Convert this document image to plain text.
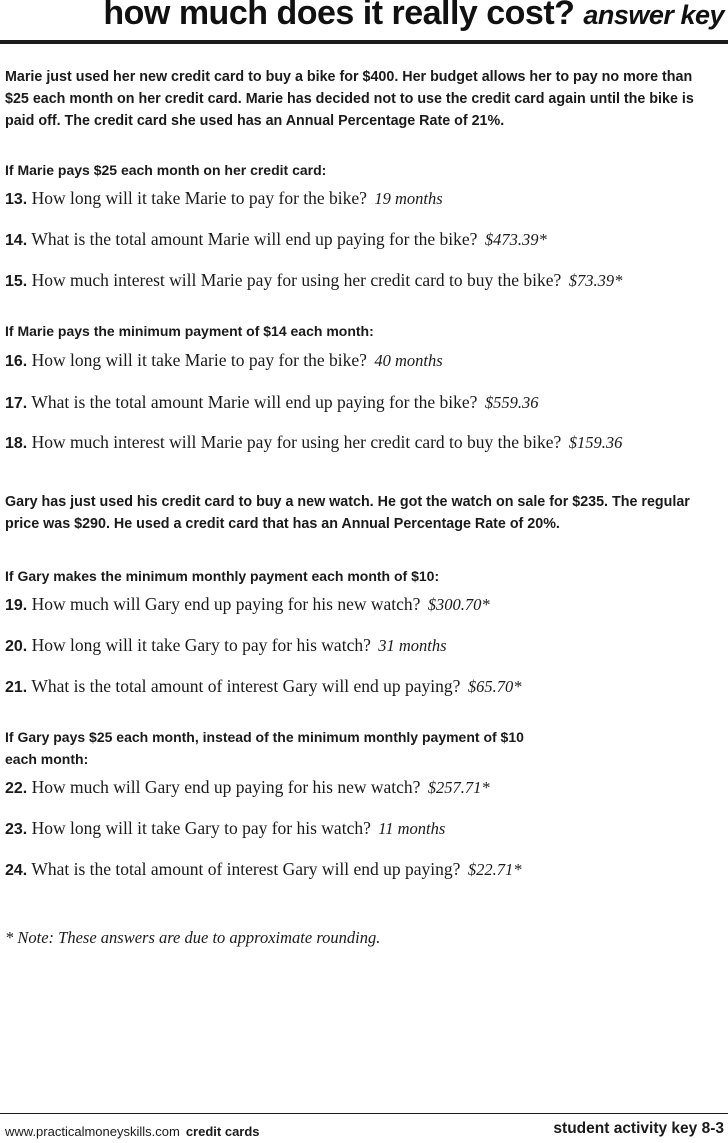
how much does it really cost? answer key
Marie just used her new credit card to buy a bike for $400. Her budget allows her to pay no more than $25 each month on her credit card. Marie has decided not to use the credit card again until the bike is paid off. The credit card she used has an Annual Percentage Rate of 21%.
If Marie pays $25 each month on her credit card:
13. How long will it take Marie to pay for the bike? 19 months
14. What is the total amount Marie will end up paying for the bike? $473.39*
15. How much interest will Marie pay for using her credit card to buy the bike? $73.39*
If Marie pays the minimum payment of $14 each month:
16. How long will it take Marie to pay for the bike? 40 months
17. What is the total amount Marie will end up paying for the bike? $559.36
18. How much interest will Marie pay for using her credit card to buy the bike? $159.36
Gary has just used his credit card to buy a new watch. He got the watch on sale for $235. The regular price was $290. He used a credit card that has an Annual Percentage Rate of 20%.
If Gary makes the minimum monthly payment each month of $10:
19. How much will Gary end up paying for his new watch? $300.70*
20. How long will it take Gary to pay for his watch? 31 months
21. What is the total amount of interest Gary will end up paying? $65.70*
If Gary pays $25 each month, instead of the minimum monthly payment of $10
each month:
22. How much will Gary end up paying for his new watch? $257.71*
23. How long will it take Gary to pay for his watch? 11 months
24. What is the total amount of interest Gary will end up paying? $22.71*
* Note: These answers are due to approximate rounding.
www.practicalmoneyskills.com credit cards	student activity key 8-3
